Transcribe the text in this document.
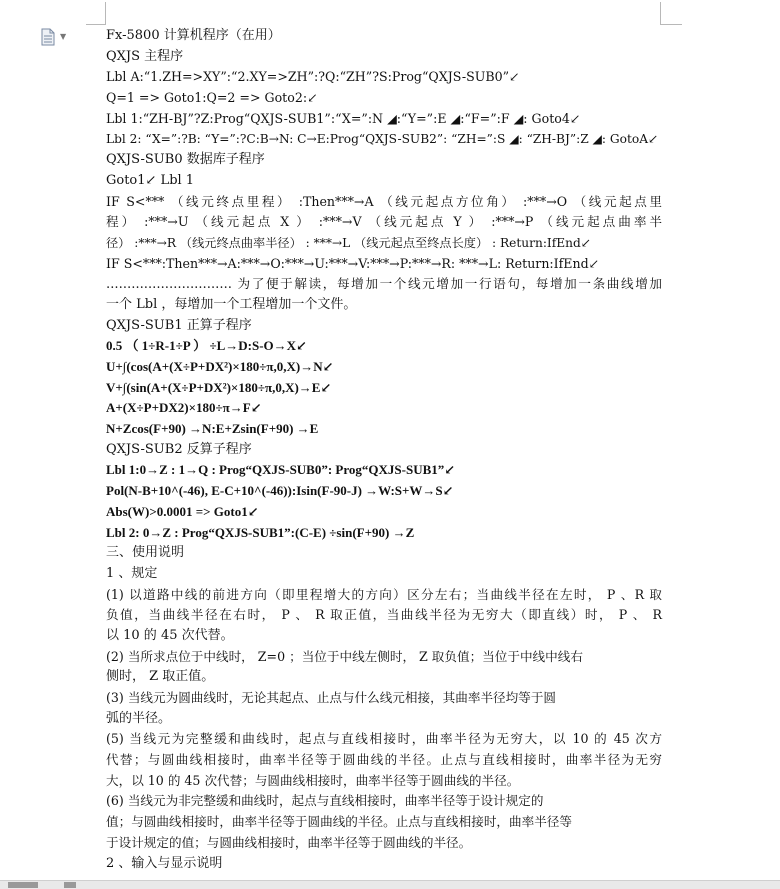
▼	Fx-5800 计算机程序（在用）
QXJS 主程序
Lbl A:“1.ZH=>XY”:“2.XY=>ZH”:?Q:“ZH”?S:Prog“QXJS-SUB0”↙
Q=1 => Goto1:Q=2 => Goto2:↙
Lbl 1:“ZH-BJ”?Z:Prog“QXJS-SUB1”:“X=”:N ◢:“Y=”:E ◢:“F=”:F ◢: Goto4↙
Lbl 2: “X=”:?B: “Y=”:?C:B→N: C→E:Prog“QXJS-SUB2”: “ZH=”:S ◢: “ZH-BJ”:Z ◢: GotoA↙
QXJS-SUB0 数据库子程序
Goto1↙ Lbl 1
IF S<*** （线元终点里程） :Then***→A （线元起点方位角） :***→O （线元起点里
程） :***→U （线元起点 X ） :***→V （线元起点 Y ） :***→P （线元起点曲率半
径） :***→R （线元终点曲率半径） : ***→L （线元起点至终点长度） : Return:IfEnd↙
IF S<***:Then***→A:***→O:***→U:***→V:***→P:***→R: ***→L: Return:IfEnd↙
………………………… 为了便于解读，每增加一个线元增加一行语句，每增加一条曲线增加
一个 Lbl ，每增加一个工程增加一个文件。
QXJS-SUB1 正算子程序
0.5 （ 1÷R-1÷P ） ÷L→D:S-O→X↙
U+∫(cos(A+(X÷P+DX²)×180÷π,0,X)→N↙
V+∫(sin(A+(X÷P+DX²)×180÷π,0,X)→E↙
A+(X÷P+DX2)×180÷π→F↙
N+Zcos(F+90) →N:E+Zsin(F+90) →E
QXJS-SUB2 反算子程序
Lbl 1:0→Z : 1→Q : Prog“QXJS-SUB0”: Prog“QXJS-SUB1”↙
Pol(N-B+10^(-46), E-C+10^(-46)):Isin(F-90-J) →W:S+W→S↙
Abs(W)>0.0001 => Goto1↙
Lbl 2: 0→Z : Prog“QXJS-SUB1”:(C-E) ÷sin(F+90) →Z
三、使用说明
1 、规定
(1) 以道路中线的前进方向（即里程增大的方向）区分左右；当曲线半径在左时， P 、R 取
负值，当曲线半径在右时， P 、 R 取正值，当曲线半径为无穷大（即直线）时， P 、 R
以 10 的 45 次代替。
(2) 当所求点位于中线时， Z=0 ；当位于中线左侧时， Z 取负值；当位于中线中线右
侧时， Z 取正值。
(3) 当线元为圆曲线时，无论其起点、止点与什么线元相接，其曲率半径均等于圆
弧的半径。
(5) 当线元为完整缓和曲线时，起点与直线相接时，曲率半径为无穷大，以 10 的 45 次方
代替；与圆曲线相接时，曲率半径等于圆曲线的半径。止点与直线相接时，曲率半径为无穷
大，以 10 的 45 次代替；与圆曲线相接时，曲率半径等于圆曲线的半径。
(6) 当线元为非完整缓和曲线时，起点与直线相接时，曲率半径等于设计规定的
值；与圆曲线相接时，曲率半径等于圆曲线的半径。止点与直线相接时，曲率半径等
于设计规定的值；与圆曲线相接时，曲率半径等于圆曲线的半径。
2 、输入与显示说明
